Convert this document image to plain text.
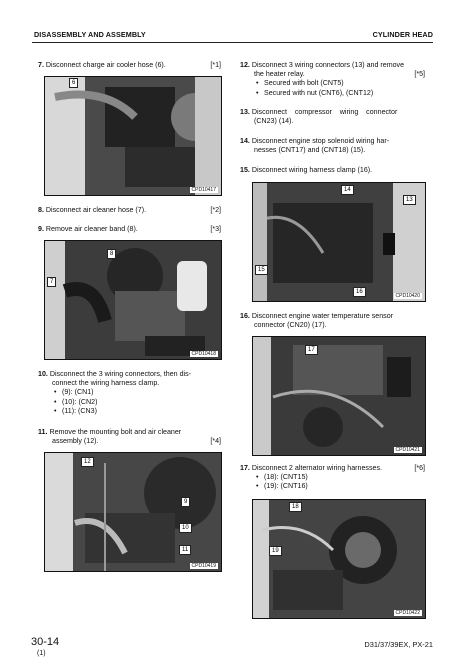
DISASSEMBLY AND ASSEMBLY	CYLINDER HEAD
7. Disconnect charge air cooler hose (6).	[*1]
6
CPD10417
8. Disconnect air cleaner hose (7).	[*2]
9. Remove air cleaner band (8).	[*3]
8
7
CPD10418
10. Disconnect the 3 wiring connectors, then dis-
connect the wiring harness clamp.
• (9): (CN1)
• (10): (CN2)
• (11): (CN3)
11. Remove the mounting bolt and air cleaner
assembly (12).	[*4]
12
9
10
11
CPD10419
12. Disconnect 3 wiring connectors (13) and remove
the heater relay.	[*5]
• Secured with bolt (CNT5)
• Secured with nut (CNT6), (CNT12)
13. Disconnect    compressor    wiring    connector
(CN23) (14).
14. Disconnect engine stop solenoid wiring har-
nesses (CNT17) and (CNT18) (15).
15. Disconnect wiring harness clamp (16).
14
13
15
16
CPD10420
16. Disconnect engine water temperature sensor
connector (CN20) (17).
17
CPD10421
17. Disconnect 2 alternator wiring harnesses.	[*6]
• (18): (CNT15)
• (19): (CNT16)
18
19
CPD10422
30-14
(1)
D31/37/39EX, PX-21
